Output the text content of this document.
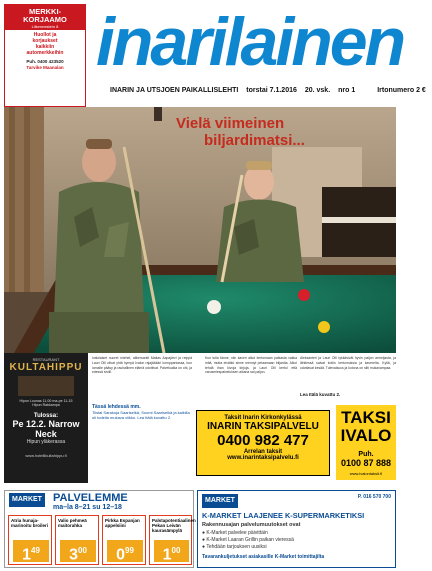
MERKKI-
KORJAAMO
Liikennestein 8
Huollot ja
korjaukset
kaikkiin
automerkkeihin
Puh. 0400 423520
Tarvike Maanalan inarilainen
INARIN JA UTSJOEN PAIKALLISLEHTI torstai 7.1.2016 20. vsk. nro 1	Irtonumero 2 €
Vielä viimeinen
biljardimatsi...
RESTAURANT
KULTAHIPPU
Hipun Lounas 11.00 ma-pe 11-15
Hipun Rakkampa
Tulossa:
Pe 12.2. Narrow Neck
Hipun yläkerassa
www.hotellikultahippu.fi
Ivalolaiset nuoret miehet, alikersantit Matias Aapajärvi ja reippä Lauri Olli olivat yhtä hymyä Ivalon rajajääkäri komppaniassa, kun lomalle pääsy ja rauhallinen elämä odottivat. Palveluaika on ohi, ja edessä siviili.
Kun tulla tänne, niin kaveri alkoi kertomaan paikasta vakka mitä, mutta eivätkö sinne mennyt pelaamaan biljardia. Alkoi tehdä ihan kivoja kirjoja, ja Lauri Olli kertoi että varusmiespalveluksen aikana sai paljon.
Aleksanteri ja Lauri Olli tykkäsivät hyvin paljon armeijasta, ja lähtiessä saivat kotiin kertomuksia ja kavereita. Kyllä, ja odottavat kesää. Tulevaisuus ja kotona on silti mukavampaa.
Lea Itälä kuvattu 2.
Tässä lehdessä mm.
Tiistai Sarakoja Saariselkä, Suomi Saariselkä ja kaikilla oli todella mukava viikko. Lea Itälä kuvattu 2.	Taksit Inarin Kirkonkylässä
INARIN TAKSIPALVELU
0400 982 477
Arrelan taksit
www.inarintaksipalvelu.fi
TAKSI
IVALO
Puh.
0100 87 888
www.ivalontaksit.fi
MARKET PALVELEMME
ma–la 8–21 su 12–18
Atria hunaja-marinoitu broileri
$1^{49}$
Valio pehmeä maitorahka
$3^{00}$
Pirkka Espanjan appelsiini
$0^{99}$
Palstapotentiaalinen Pekan Leivän kaurasämpylä
$1^{00}$
MARKET	P. 016 570 700
K-MARKET LAAJENEE K-SUPERMARKETIKSI
Rakennusajan palvelumuutokset ovat
● K-Market palvelee päivittäin
● K-Market Laaran Grillin paikan vieressä
● Tehdään tarjouksen uusiksi
Tavarankuljetukset asiakasille K-Market toimittajilta
